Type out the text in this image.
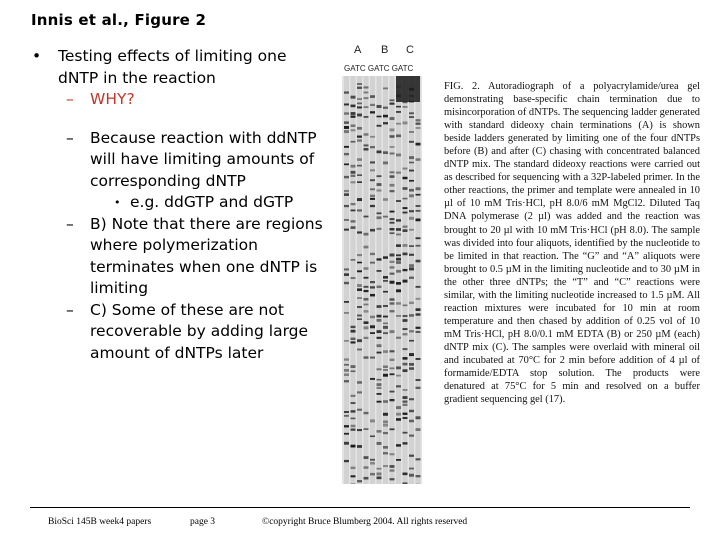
Innis et al., Figure 2
• Testing effects of limiting one dNTP in the reaction
– WHY?
– Because reaction with ddNTP will have limiting amounts of corresponding dNTP
• e.g. ddGTP and dGTP
– B) Note that there are regions where polymerization terminates when one dNTP is limiting
– C) Some of these are not recoverable by adding large amount of dNTPs later
A B C
GATC GATC GATC
FIG. 2. Autoradiograph of a polyacrylamide/urea gel demonstrating base-specific chain termination due to misincorporation of dNTPs. The sequencing ladder generated with standard dideoxy chain terminations (A) is shown beside ladders generated by limiting one of the four dNTPs before (B) and after (C) chasing with concentrated balanced dNTP mix. The standard dideoxy reactions were carried out as described for sequencing with a 32P-labeled primer. In the other reactions, the primer and template were annealed in 10 µl of 10 mM Tris·HCl, pH 8.0/6 mM MgCl2. Diluted Taq DNA polymerase (2 µl) was added and the reaction was brought to 20 µl with 10 mM Tris·HCl (pH 8.0). The sample was divided into four aliquots, identified by the nucleotide to be limited in that reaction. The “G” and “A” aliquots were brought to 0.5 µM in the limiting nucleotide and to 30 µM in the other three dNTPs; the “T” and “C” reactions were similar, with the limiting nucleotide increased to 1.5 µM. All reaction mixtures were incubated for 10 min at room temperature and then chased by addition of 0.25 vol of 10 mM Tris·HCl, pH 8.0/0.1 mM EDTA (B) or 250 µM (each) dNTP mix (C). The samples were overlaid with mineral oil and incubated at 70°C for 2 min before addition of 4 µl of formamide/EDTA stop solution. The products were denatured at 75°C for 5 min and resolved on a buffer gradient sequencing gel (17).
BioSci 145B week4 papers	page 3	©copyright Bruce Blumberg 2004. All rights reserved
